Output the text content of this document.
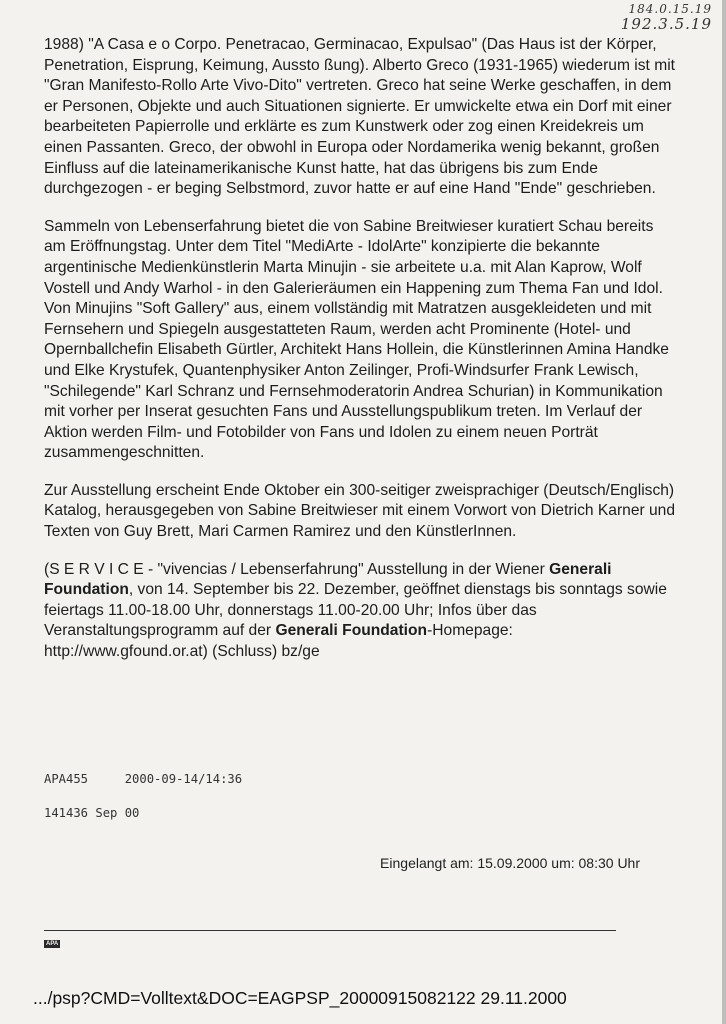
184.0.15.19
192.3.5.19

1988) "A Casa e o Corpo. Penetracao, Germinacao, Expulsao" (Das Haus ist der Körper, Penetration, Eisprung, Keimung, Aussto ßung). Alberto Greco (1931-1965) wiederum ist mit "Gran Manifesto-Rollo Arte Vivo-Dito" vertreten. Greco hat seine Werke geschaffen, in dem er Personen, Objekte und auch Situationen signierte. Er umwickelte etwa ein Dorf mit einer bearbeiteten Papierrolle und erklärte es zum Kunstwerk oder zog einen Kreidekreis um einen Passanten. Greco, der obwohl in Europa oder Nordamerika wenig bekannt, großen Einfluss auf die lateinamerikanische Kunst hatte, hat das übrigens bis zum Ende durchgezogen - er beging Selbstmord, zuvor hatte er auf eine Hand "Ende" geschrieben.

Sammeln von Lebenserfahrung bietet die von Sabine Breitwieser kuratiert Schau bereits am Eröffnungstag. Unter dem Titel "MediArte - IdolArte" konzipierte die bekannte argentinische Medienkünstlerin Marta Minujin - sie arbeitete u.a. mit Alan Kaprow, Wolf Vostell und Andy Warhol - in den Galerieräumen ein Happening zum Thema Fan und Idol. Von Minujins "Soft Gallery" aus, einem vollständig mit Matratzen ausgekleideten und mit Fernsehern und Spiegeln ausgestatteten Raum, werden acht Prominente (Hotel- und Opernballchefin Elisabeth Gürtler, Architekt Hans Hollein, die Künstlerinnen Amina Handke und Elke Krystufek, Quantenphysiker Anton Zeilinger, Profi-Windsurfer Frank Lewisch, "Schilegende" Karl Schranz und Fernsehmoderatorin Andrea Schurian) in Kommunikation mit vorher per Inserat gesuchten Fans und Ausstellungspublikum treten. Im Verlauf der Aktion werden Film- und Fotobilder von Fans und Idolen zu einem neuen Porträt zusammengeschnitten.

Zur Ausstellung erscheint Ende Oktober ein 300-seitiger zweisprachiger (Deutsch/Englisch) Katalog, herausgegeben von Sabine Breitwieser mit einem Vorwort von Dietrich Karner und Texten von Guy Brett, Mari Carmen Ramirez und den KünstlerInnen.

(S E R V I C E - "vivencias / Lebenserfahrung" Ausstellung in der Wiener Generali Foundation, von 14. September bis 22. Dezember, geöffnet dienstags bis sonntags sowie feiertags 11.00-18.00 Uhr, donnerstags 11.00-20.00 Uhr; Infos über das Veranstaltungsprogramm auf der Generali Foundation-Homepage: http://www.gfound.or.at) (Schluss) bz/ge

APA455     2000-09-14/14:36
141436 Sep 00
Eingelangt am: 15.09.2000 um: 08:30 Uhr
APA
.../psp?CMD=Volltext&DOC=EAGPSP_20000915082122 29.11.2000
